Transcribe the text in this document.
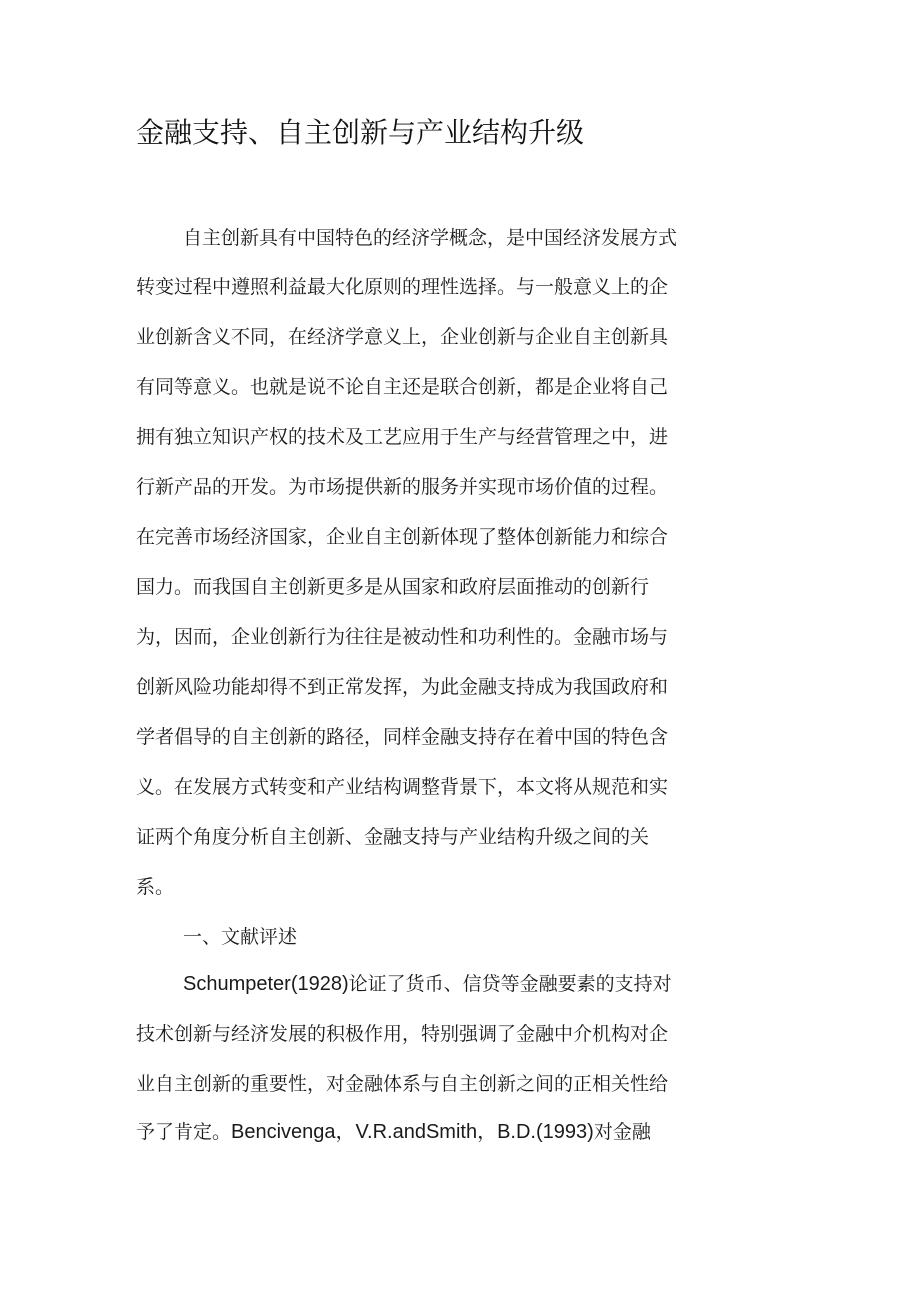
金融支持、自主创新与产业结构升级

自主创新具有中国特色的经济学概念，是中国经济发展方式

转变过程中遵照利益最大化原则的理性选择。与一般意义上的企

业创新含义不同，在经济学意义上，企业创新与企业自主创新具

有同等意义。也就是说不论自主还是联合创新，都是企业将自己

拥有独立知识产权的技术及工艺应用于生产与经营管理之中，进

行新产品的开发。为市场提供新的服务并实现市场价值的过程。

在完善市场经济国家，企业自主创新体现了整体创新能力和综合

国力。而我国自主创新更多是从国家和政府层面推动的创新行

为，因而，企业创新行为往往是被动性和功利性的。金融市场与

创新风险功能却得不到正常发挥，为此金融支持成为我国政府和

学者倡导的自主创新的路径，同样金融支持存在着中国的特色含

义。在发展方式转变和产业结构调整背景下，本文将从规范和实

证两个角度分析自主创新、金融支持与产业结构升级之间的关

系。

一、文献评述

Schumpeter(1928)论证了货币、信贷等金融要素的支持对

技术创新与经济发展的积极作用，特别强调了金融中介机构对企

业自主创新的重要性，对金融体系与自主创新之间的正相关性给

予了肯定。Bencivenga，V.R.andSmith，B.D.(1993)对金融
